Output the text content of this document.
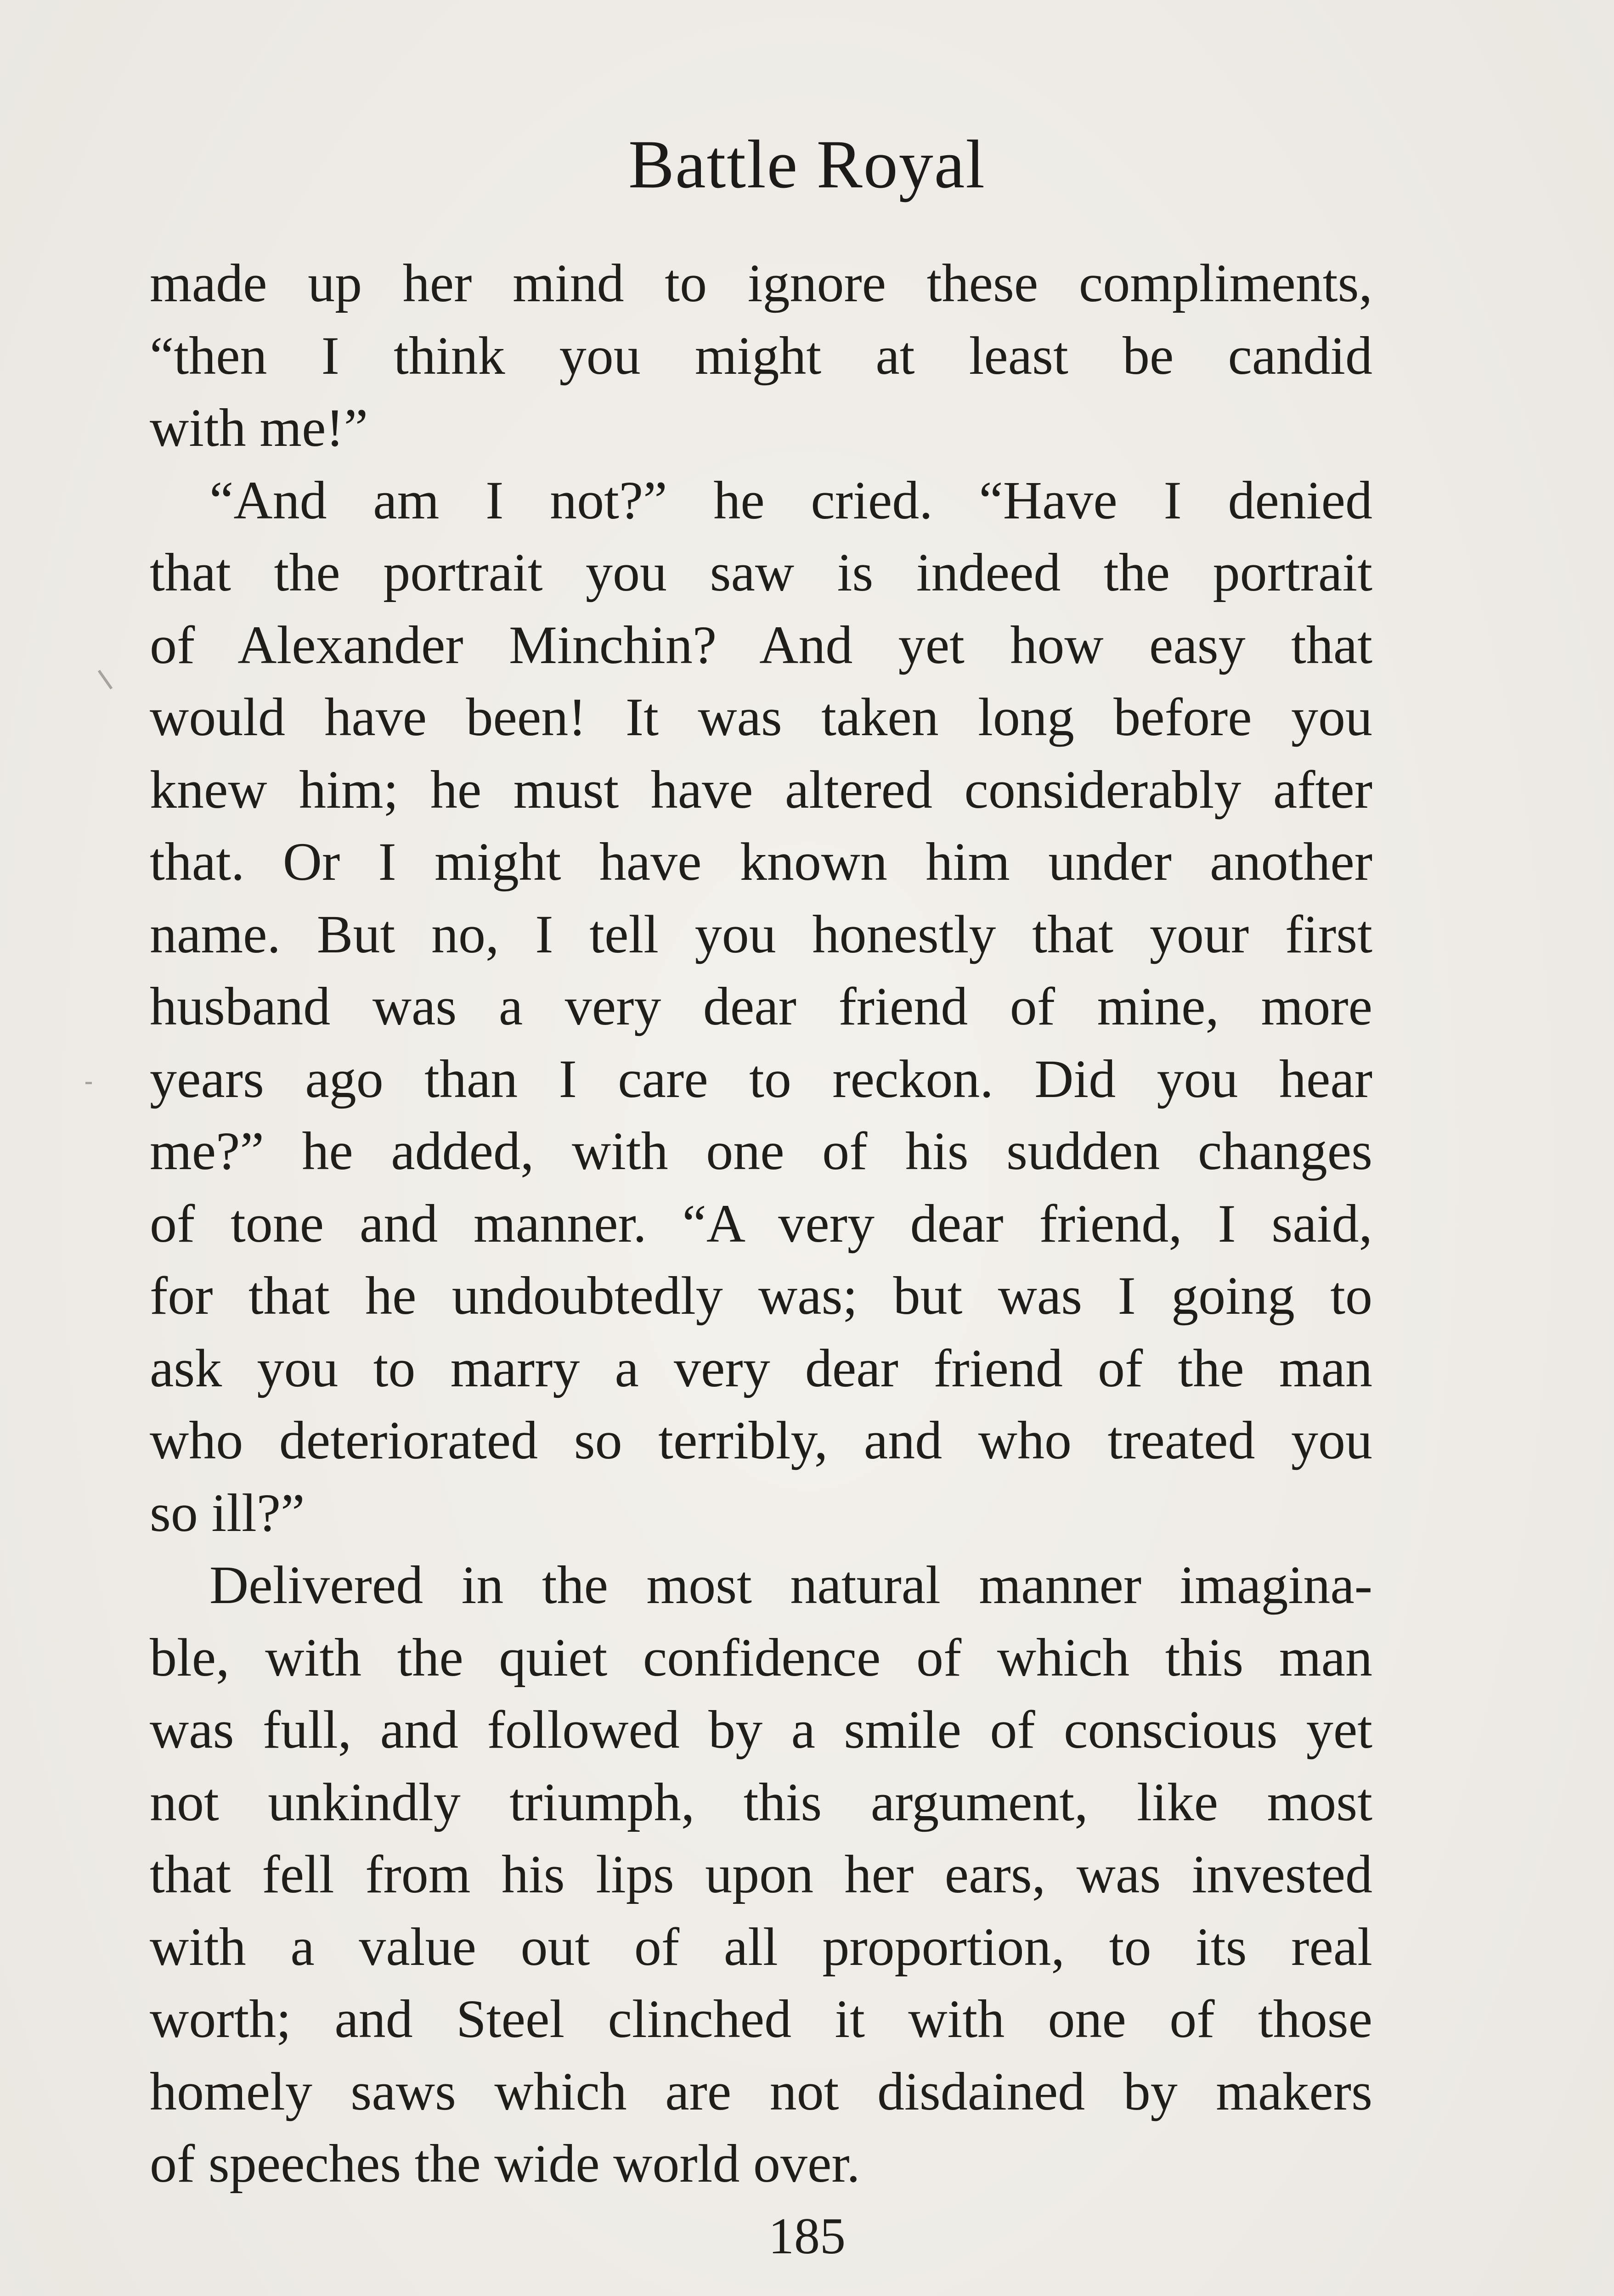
Battle Royal
made up her mind to ignore these compliments,
“then I think you might at least be candid
with me!”
“And am I not?” he cried. “Have I denied
that the portrait you saw is indeed the portrait
of Alexander Minchin? And yet how easy that
would have been! It was taken long before you
knew him; he must have altered considerably after
that. Or I might have known him under another
name. But no, I tell you honestly that your first
husband was a very dear friend of mine, more
years ago than I care to reckon. Did you hear
me?” he added, with one of his sudden changes
of tone and manner. “A very dear friend, I said,
for that he undoubtedly was; but was I going to
ask you to marry a very dear friend of the man
who deteriorated so terribly, and who treated you
so ill?”
Delivered in the most natural manner imagina-
ble, with the quiet confidence of which this man
was full, and followed by a smile of conscious yet
not unkindly triumph, this argument, like most
that fell from his lips upon her ears, was invested
with a value out of all proportion, to its real
worth; and Steel clinched it with one of those
homely saws which are not disdained by makers
of speeches the wide world over.
185
